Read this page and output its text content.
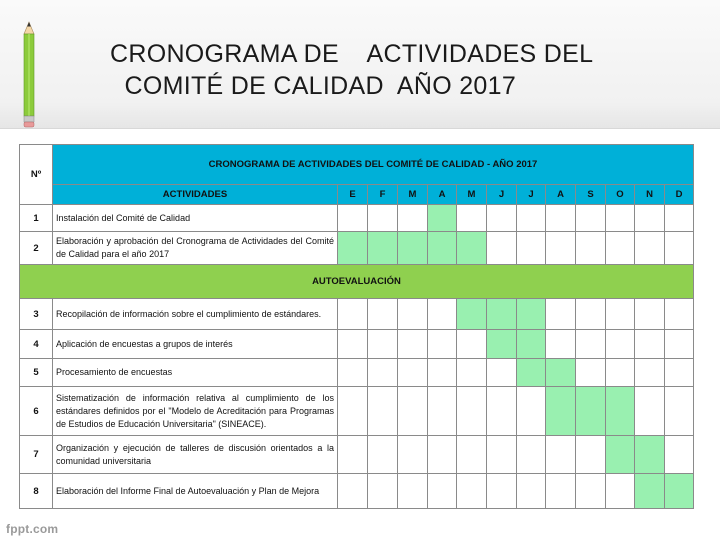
CRONOGRAMA DE    ACTIVIDADES DEL
COMITÉ DE CALIDAD  AÑO 2017
Nº	CRONOGRAMA DE ACTIVIDADES DEL COMITÉ DE CALIDAD - AÑO 2017												
	ACTIVIDADES	E	F	M	A	M	J	J	A	S	O	N	D
1	Instalación del Comité de Calidad												
2	Elaboración y aprobación del Cronograma de Actividades del Comité de Calidad para el año 2017												
AUTOEVALUACIÓN													
3	Recopilación de información sobre el cumplimiento de estándares.												
4	Aplicación de encuestas a grupos de interés												
5	Procesamiento de encuestas												
6	Sistematización de información relativa al cumplimiento de los estándares definidos por el "Modelo de Acreditación para Programas de Estudios de Educación Universitaria" (SINEACE).												
7	Organización y ejecución de talleres de discusión orientados a la comunidad universitaria												
8	Elaboración del Informe Final de Autoevaluación y Plan de Mejora												
fppt.com
